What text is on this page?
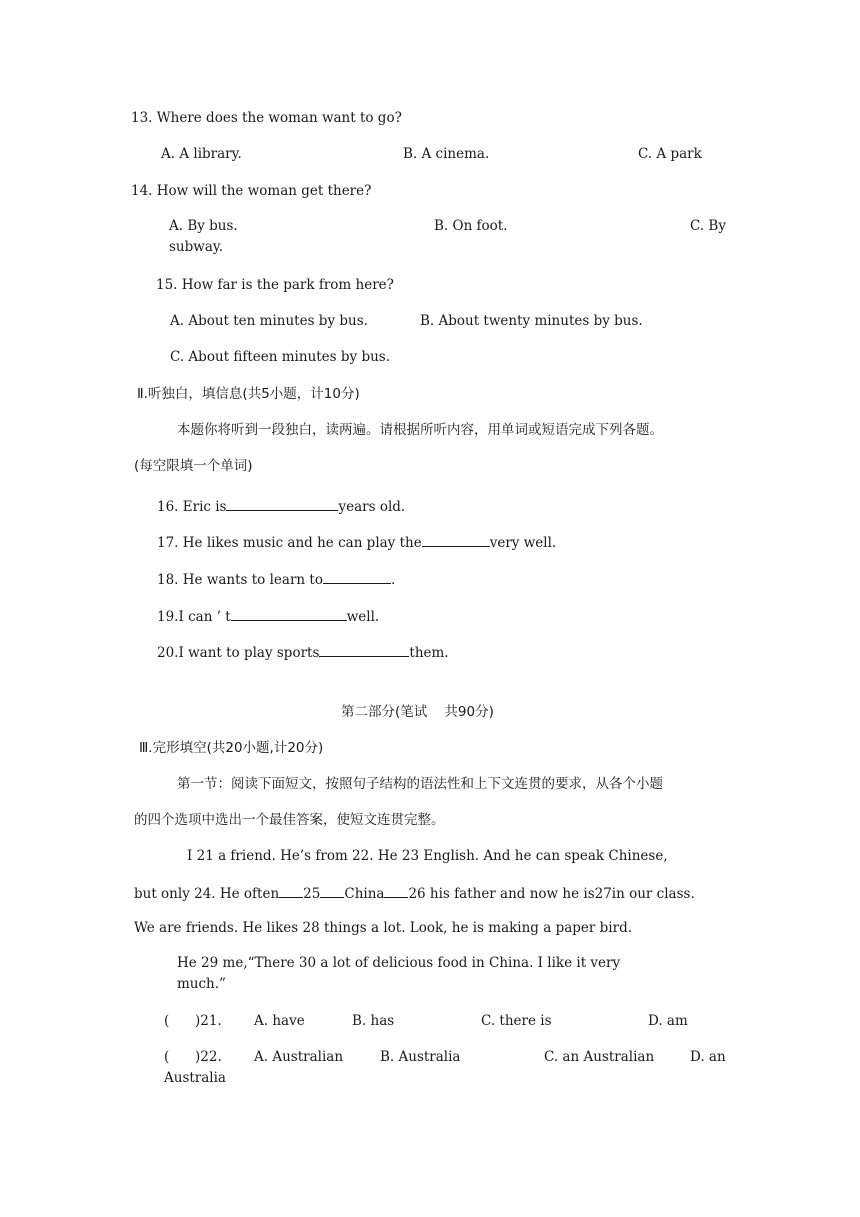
13. Where does the woman want to go?
A. A library.	B. A cinema.	C. A park
14. How will the woman get there?
A. By bus.	B. On foot.	C. By
subway.
15. How far is the park from here?
A. About ten minutes by bus.	B. About twenty minutes by bus.
C. About fifteen minutes by bus.
Ⅱ.听独白，填信息(共5小题，计10分)
本题你将听到一段独白，读两遍。请根据所听内容，用单词或短语完成下列各题。
(每空限填一个单词)
16. Eric is	years old.
17. He likes music and he can play the	very well.
18. He wants to learn to	.
19.I can ’ t	well.
20.I want to play sports	them.
第二部分(笔试    共90分)
Ⅲ.完形填空(共20小题,计20分)
第一节：阅读下面短文，按照句子结构的语法性和上下文连贯的要求，从各个小题
的四个选项中选出一个最佳答案，使短文连贯完整。
I 21 a friend. He’s from 22. He 23 English. And he can speak Chinese,
but only 24. He often 25 China 26 his father and now he is27in our class.
We are friends. He likes 28 things a lot. Look, he is making a paper bird.
He 29 me,“There 30 a lot of delicious food in China. I like it very
much.”
(      )21. A. have	B. has	C. there is	D. am
(      )22. A. Australian	B. Australia	C. an Australian	D. an
Australia
